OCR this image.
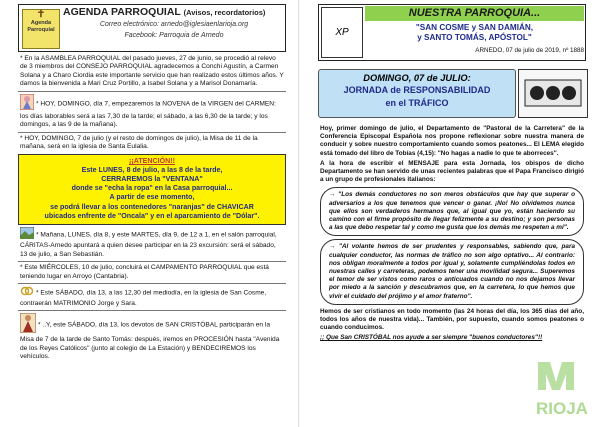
✝
Agenda Parroquial
AGENDA PARROQUIAL (Avisos, recordatorios)
Correo electrónico: arnedo@iglesiaenlarioja.org
Facebook: Parroquia de Arnedo

* En la ASAMBLEA PARROQUIAL del pasado jueves, 27 de junio, se procedió al relevo de 3 miembros del CONSEJO PARROQUIAL agradecemos a Conchi Agustín, a Carmen Solana y a Charo Ciordia este importante servicio que han realizado estos últimos años. Y damos la bienvenida a Mari Cruz Portillo, a Isabel Solana y a Marisol Donamaría.

* HOY, DOMINGO, día 7, empezaremos la NOVENA de la VIRGEN del CARMEN: los días laborables será a las 7,30 de la tarde; el sábado, a las 6,30 de la tarde; y los domingos, a las 9 de la mañana).

* HOY, DOMINGO, 7 de julio (y el resto de domingos de julio), la Misa de 11 de la mañana, será en la iglesia de Santa Eulalia.

¡¡ATENCIÓN!!
Este LUNES, 8 de julio, a las 8 de la tarde,
CERRAREMOS la "VENTANA"
donde se "echa la ropa" en la Casa parroquial...
A partir de ese momento,
se podrá llevar a los contenedores "naranjas" de CHAVICAR
ubicados enfrente de "Oncala" y en el aparcamiento de "Dólar".

* Mañana, LUNES, día 8, y este MARTES, día 9, de 12 a 1, en el salón parroquial, CÁRITAS-Arnedo apuntará a quien desee participar en la 23 excursión: será el sábado, 13 de julio, a San Sebastián.

* Este MIÉRCOLES, 10 de julio, concluirá el CAMPAMENTO PARROQUIAL que está teniendo lugar en Arroyo (Cantabria).

* Este SÁBADO, día 13, a las 12,30 del mediodía, en la iglesia de San Cosme, contraerán MATRIMONIO Jorge y Sara.

* ..Y, este SÁBADO, día 13, los devotos de SAN CRISTÓBAL participarán en la Misa de 7 de la tarde de Santo Tomás: después, iremos en PROCESIÓN hasta "Avenida de los Reyes Católicos" (junto al colegio de La Estación) y BENDECIREMOS los vehículos.

XP
NUESTRA PARROQUIA...
"SAN COSME y SAN DAMIÁN,
y SANTO TOMÁS, APÓSTOL"
ARNEDO, 07 de julio de 2019, nº 1888
DOMINGO, 07 de JULIO:
JORNADA de RESPONSABILIDAD
en el TRÁFICO

Hoy, primer domingo de julio, el Departamento de "Pastoral de la Carretera" de la Conferencia Episcopal Española nos propone reflexionar sobre nuestra manera de conducir y sobre nuestro comportamiento cuando somos peatones... El LEMA elegido está tomado del libro de Tobías (4,15): "No hagas a nadie lo que te aborreces".

A la hora de escribir el MENSAJE para esta Jornada, los obispos de dicho Departamento se han servido de unas recientes palabras que el Papa Francisco dirigió a un grupo de profesionales italianos:

→ "Los demás conductores no son meros obstáculos que hay que superar o adversarios a los que tenemos que vencer o ganar. ¡No! No olvidemos nunca que ellos son verdaderos hermanos que, al igual que yo, están haciendo su camino con el firme propósito de llegar felizmente a su destino; y son personas a las que debo respetar tal y como me gusta que los demás me respeten a mí".
→ "Al volante hemos de ser prudentes y responsables, sabiendo que, para cualquier conductor, las normas de tráfico no son algo optativo... Al contrario: nos obligan moralmente a todos por igual y, solamente cumpliéndolas todos en nuestras calles y carreteras, podemos tener una movilidad segura... Superemos el temor de ser vistos como raros o anticuados cuando no nos dejamos llevar por miedo a la sanción y descubramos que, en la carretera, lo que hemos que vivir el cuidado del prójimo y el amor fraterno".

Hemos de ser cristianos en todo momento (las 24 horas del día, los 365 días del año, todos los años de nuestra vida)... También, por supuesto, cuando somos peatones o cuando conducimos.

;; Que San CRISTÓBAL nos ayude a ser siempre "buenos conductores"!!

RIOJA
